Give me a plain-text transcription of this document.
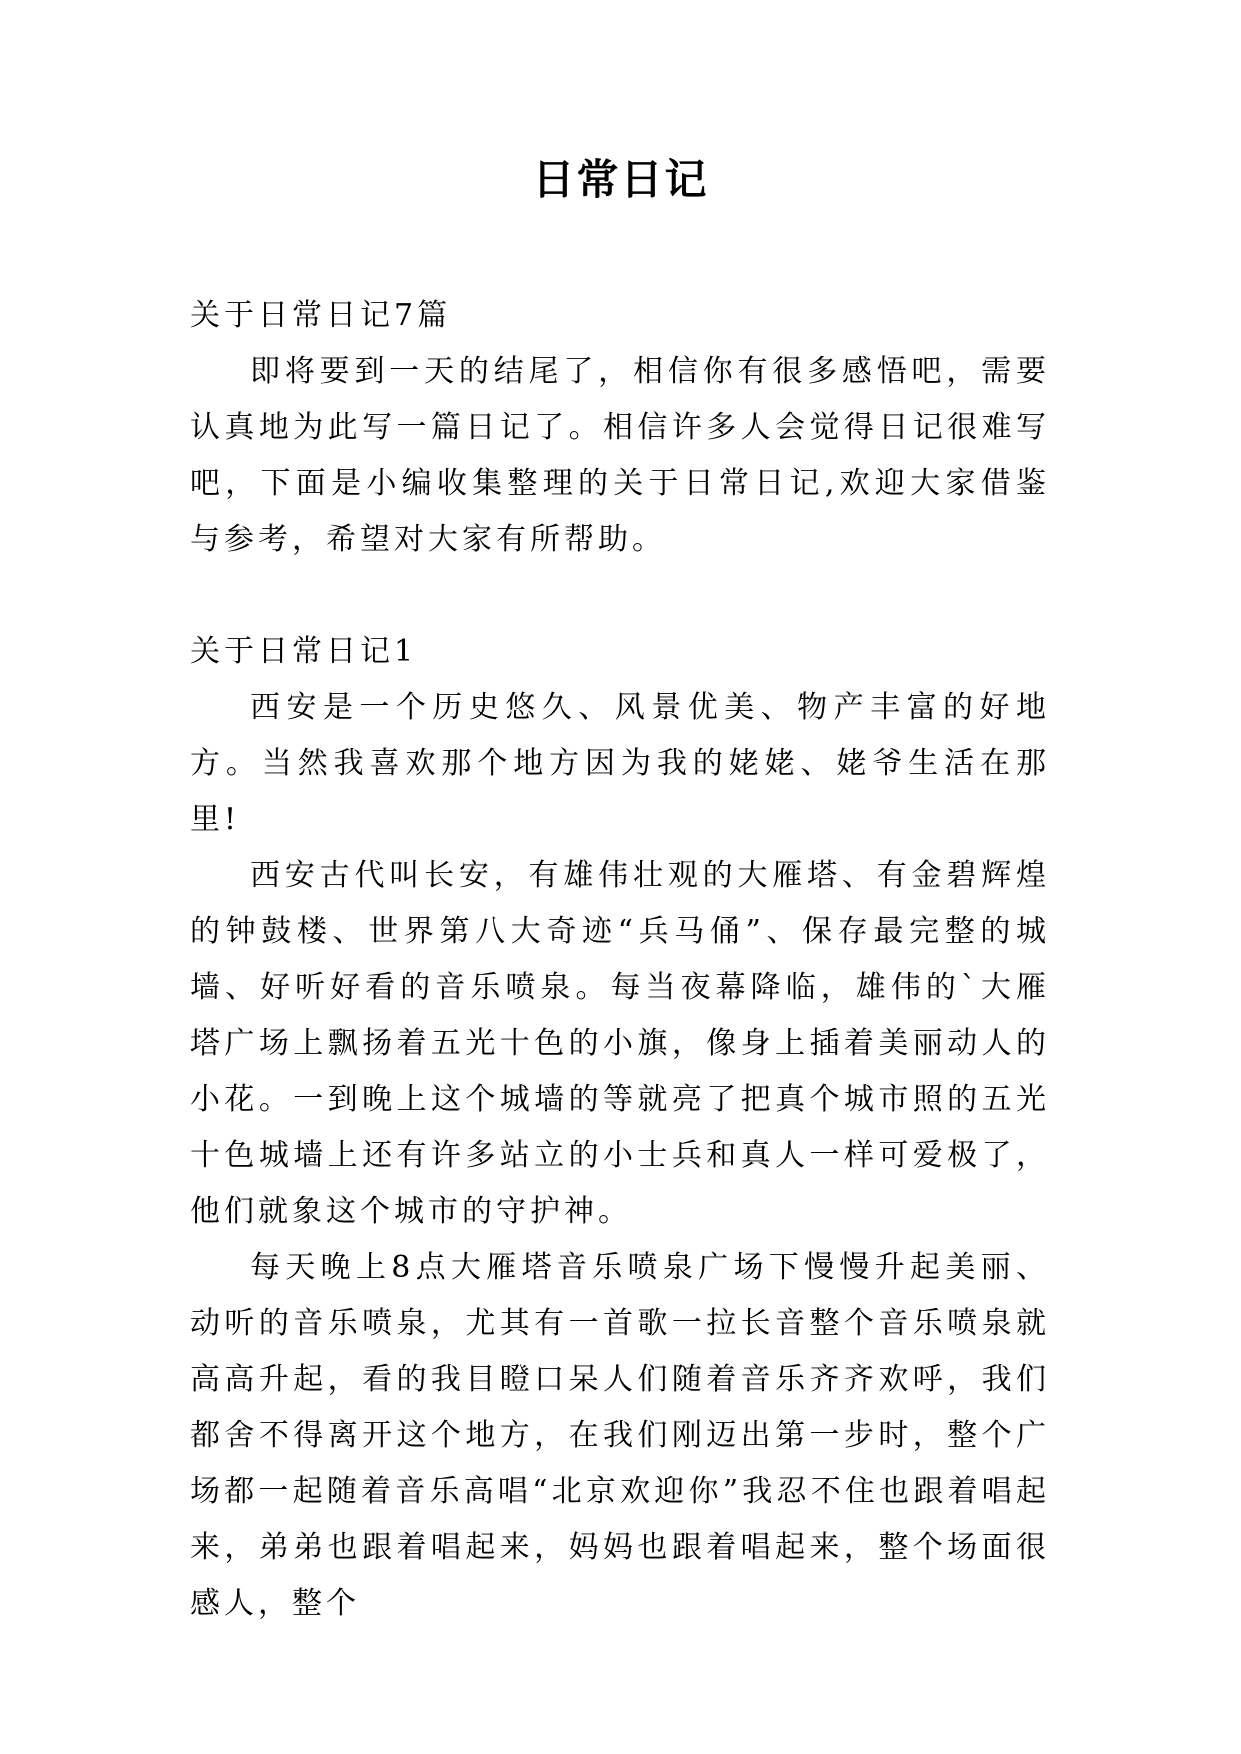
日常日记

关于日常日记7篇

即将要到一天的结尾了，相信你有很多感悟吧，需要认真地为此写一篇日记了。相信许多人会觉得日记很难写吧，下面是小编收集整理的关于日常日记,欢迎大家借鉴与参考，希望对大家有所帮助。

关于日常日记1

西安是一个历史悠久、风景优美、物产丰富的好地方。当然我喜欢那个地方因为我的姥姥、姥爷生活在那里!

西安古代叫长安，有雄伟壮观的大雁塔、有金碧辉煌的钟鼓楼、世界第八大奇迹“兵马俑”、保存最完整的城墙、好听好看的音乐喷泉。每当夜幕降临，雄伟的`大雁塔广场上飘扬着五光十色的小旗，像身上插着美丽动人的小花。一到晚上这个城墙的等就亮了把真个城市照的五光十色城墙上还有许多站立的小士兵和真人一样可爱极了，他们就象这个城市的守护神。

每天晚上8点大雁塔音乐喷泉广场下慢慢升起美丽、动听的音乐喷泉，尤其有一首歌一拉长音整个音乐喷泉就高高升起，看的我目瞪口呆人们随着音乐齐齐欢呼，我们都舍不得离开这个地方，在我们刚迈出第一步时，整个广场都一起随着音乐高唱“北京欢迎你”我忍不住也跟着唱起来，弟弟也跟着唱起来，妈妈也跟着唱起来，整个场面很感人，整个
